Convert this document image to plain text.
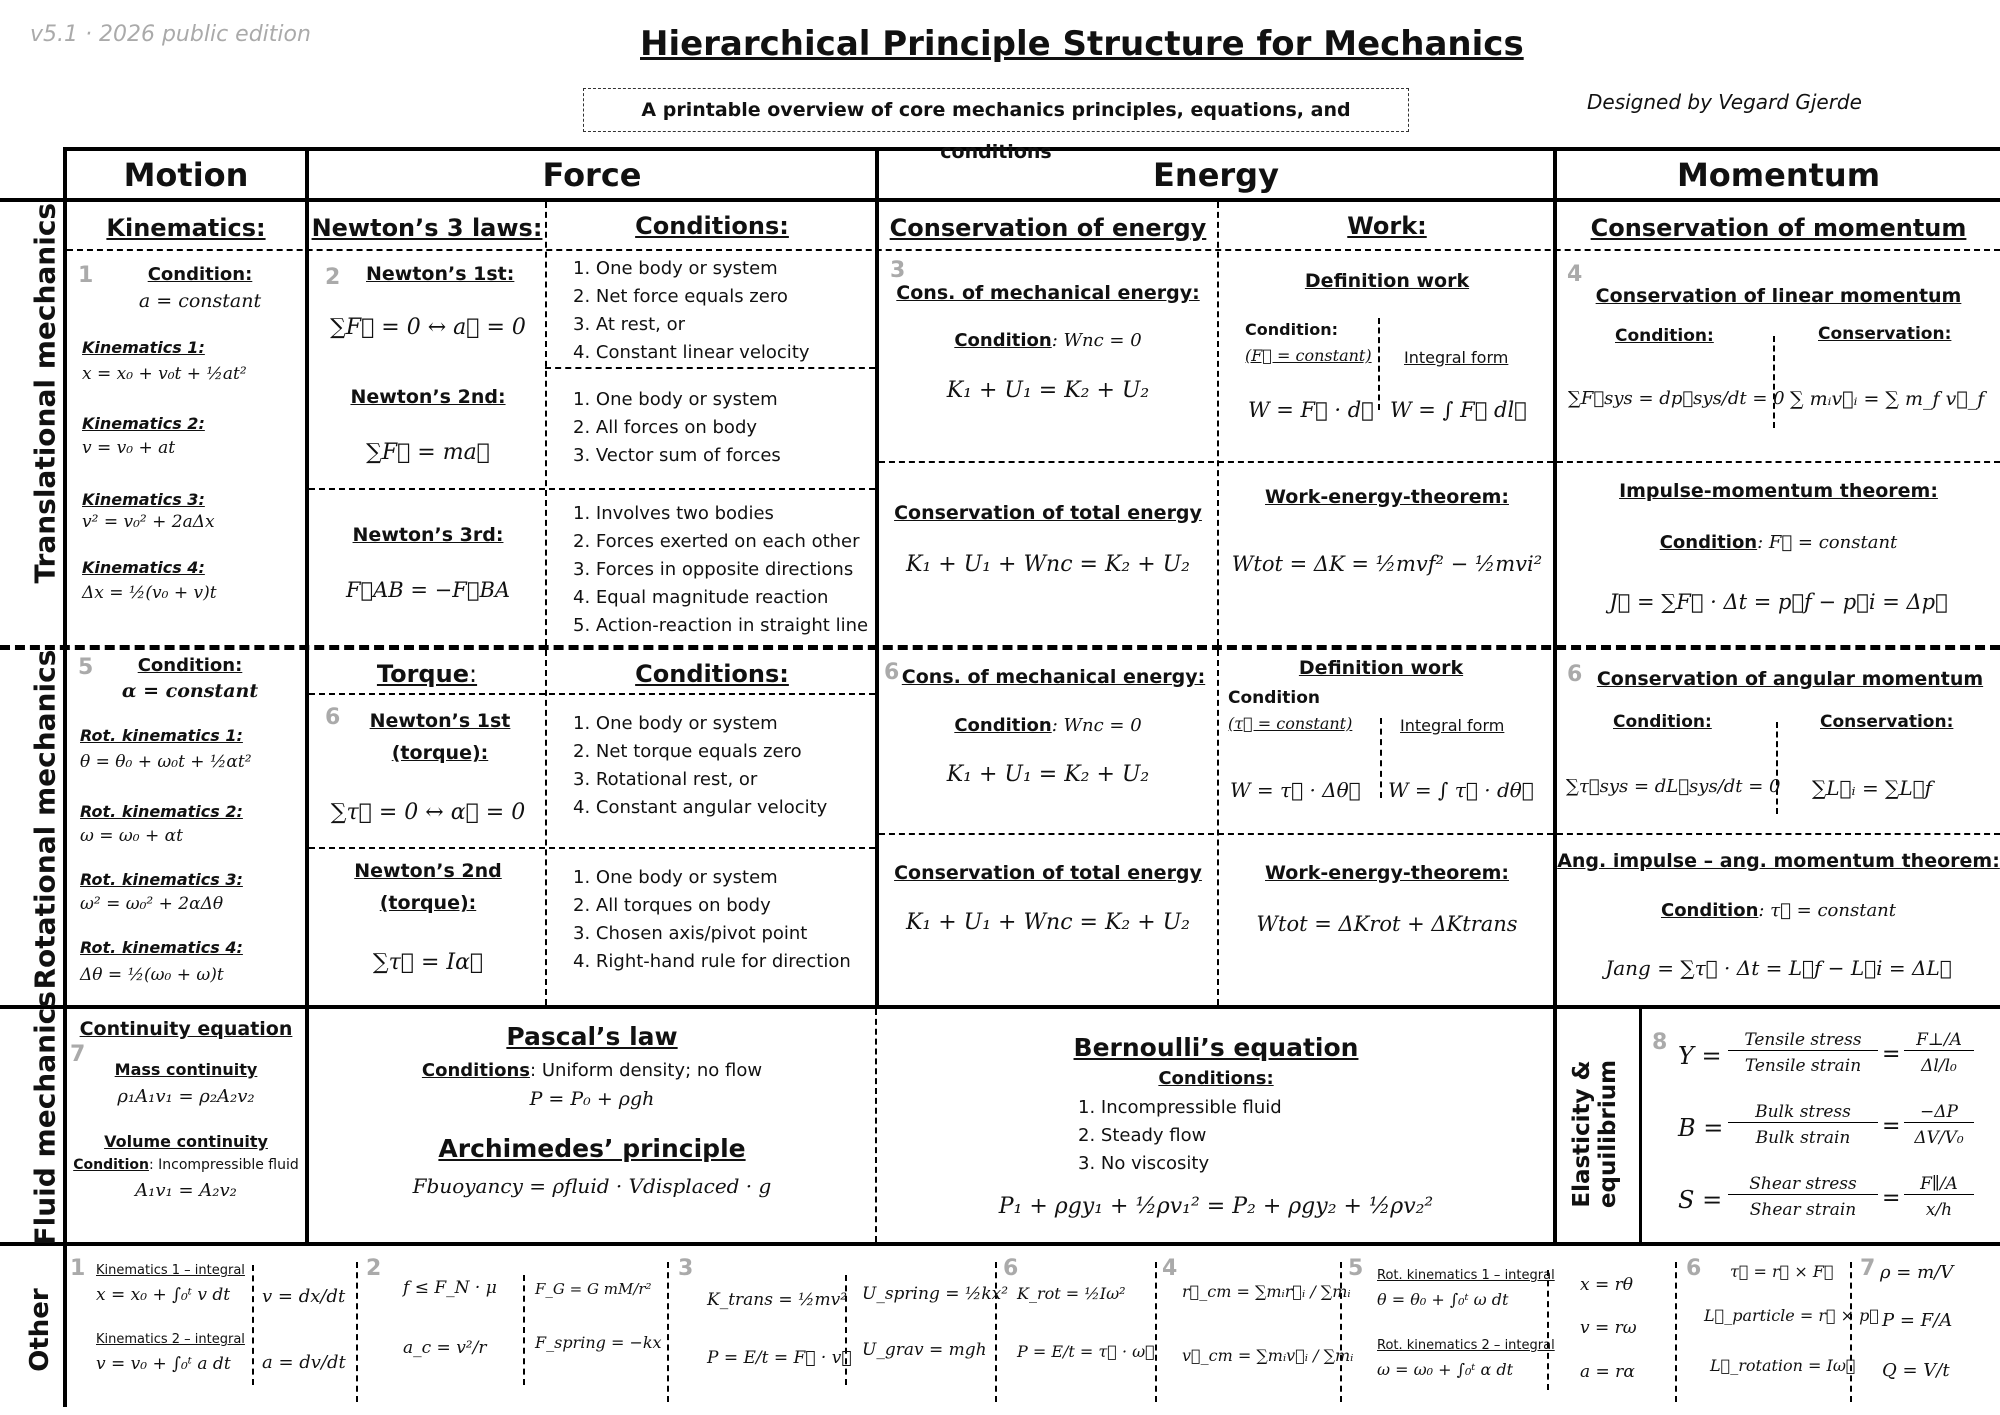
v5.1 · 2026 public edition	Hierarchical Principle Structure for Mechanics
A printable overview of core mechanics principles, equations, and conditions
Designed by Vegard Gjerde
Motion	Force	Energy	Momentum
Translational mechanics
Rotational mechanics
Fluid mechanics
Other
Elasticity & equilibrium
Kinematics:
1	Condition:
a = constant
Kinematics 1:
x = x₀ + v₀t + ½at²
Kinematics 2:
v = v₀ + at
Kinematics 3:
v² = v₀² + 2aΔx
Kinematics 4:
Δx = ½(v₀ + v)t
Newton’s 3 laws:
2 Newton’s 1st:
∑F⃗ = 0 ↔ a⃗ = 0
Newton’s 2nd:
∑F⃗ = ma⃗
Newton’s 3rd:
F⃗AB = −F⃗BA
Conditions:
1. One body or system
2. Net force equals zero
3. At rest, or
4. Constant linear velocity
1. One body or system
2. All forces on body
3. Vector sum of forces
1. Involves two bodies
2. Forces exerted on each other
3. Forces in opposite directions
4. Equal magnitude reaction
5. Action-reaction in straight line
Conservation of energy
3
Cons. of mechanical energy:
Condition: Wnc = 0
K₁ + U₁ = K₂ + U₂
Conservation of total energy
K₁ + U₁ + Wnc = K₂ + U₂
Work:
Definition work
Condition:
(F⃗ = constant) Integral form
W = F⃗ · d⃗ W = ∫ F⃗ dl⃗
Work-energy-theorem:
Wtot = ΔK = ½mvf² − ½mvi²
Conservation of momentum
4
Conservation of linear momentum
Condition:	Conservation:
∑F⃗sys = dp⃗sys/dt = 0 ∑ mᵢv⃗ᵢ = ∑ m_f v⃗_f
Impulse-momentum theorem:
Condition: F⃗ = constant
J⃗ = ∑F⃗ · Δt = p⃗f − p⃗i = Δp⃗
5	Condition:
α = constant
Rot. kinematics 1:
θ = θ₀ + ω₀t + ½αt²
Rot. kinematics 2:
ω = ω₀ + αt
Rot. kinematics 3:
ω² = ω₀² + 2αΔθ
Rot. kinematics 4:
Δθ = ½(ω₀ + ω)t
Torque:
6	Newton’s 1st
(torque):
∑τ⃗ = 0 ↔ α⃗ = 0
Newton’s 2nd
(torque):
∑τ⃗ = Iα⃗
Conditions:
1. One body or system
2. Net torque equals zero
3. Rotational rest, or
4. Constant angular velocity
1. One body or system
2. All torques on body
3. Chosen axis/pivot point
4. Right-hand rule for direction
6 Cons. of mechanical energy:
Condition: Wnc = 0
K₁ + U₁ = K₂ + U₂
Conservation of total energy
K₁ + U₁ + Wnc = K₂ + U₂
Definition work
Condition
(τ⃗ = constant)	Integral form
W = τ⃗ · Δθ⃗ W = ∫ τ⃗ · dθ⃗
Work-energy-theorem:
Wtot = ΔKrot + ΔKtrans
6 Conservation of angular momentum
Condition:	Conservation:
∑τ⃗sys = dL⃗sys/dt = 0 ∑L⃗ᵢ = ∑L⃗f
Ang. impulse – ang. momentum theorem:
Condition: τ⃗ = constant
Jang = ∑τ⃗ · Δt = L⃗f − L⃗i = ΔL⃗
7
Continuity equation
Mass continuity
ρ₁A₁v₁ = ρ₂A₂v₂
Volume continuity
Condition: Incompressible fluid
A₁v₁ = A₂v₂
Pascal’s law
Conditions: Uniform density; no flow
P = P₀ + ρgh
Archimedes’ principle
Fbuoyancy = ρfluid · Vdisplaced · g
Bernoulli’s equation
Conditions:
1. Incompressible fluid
2. Steady flow
3. No viscosity
P₁ + ρgy₁ + ½ρv₁² = P₂ + ρgy₂ + ½ρv₂²
8 Y =
Tensile stress
Tensile strain =
F⊥/A
Δl/l₀
B =
Bulk stress
Bulk strain	=
−ΔP
ΔV/V₀
S =
Shear stress
Shear strain	=
F∥/A
x/h
1 Kinematics 1 – integral
x = x₀ + ∫₀ᵗ v dt
Kinematics 2 – integral
v = v₀ + ∫₀ᵗ a dt
v = dx/dt
a = dv/dt
2
f ≤ F_N · μ
a_c = v²/r
F_G = G mM/r²
F_spring = −kx
3
K_trans = ½mv²
P = E/t = F⃗ · v⃗
U_spring = ½kx²
U_grav = mgh
6
K_rot = ½Iω²
P = E/t = τ⃗ · ω⃗
4
r⃗_cm = ∑mᵢr⃗ᵢ / ∑mᵢ
v⃗_cm = ∑mᵢv⃗ᵢ / ∑mᵢ
5 Rot. kinematics 1 – integral
θ = θ₀ + ∫₀ᵗ ω dt
Rot. kinematics 2 – integral
ω = ω₀ + ∫₀ᵗ α dt
x = rθ
v = rω
a = rα
6 τ⃗ = r⃗ × F⃗
L⃗_particle = r⃗ × p⃗
L⃗_rotation = Iω⃗
7 ρ = m/V
P = F/A
Q = V/t
